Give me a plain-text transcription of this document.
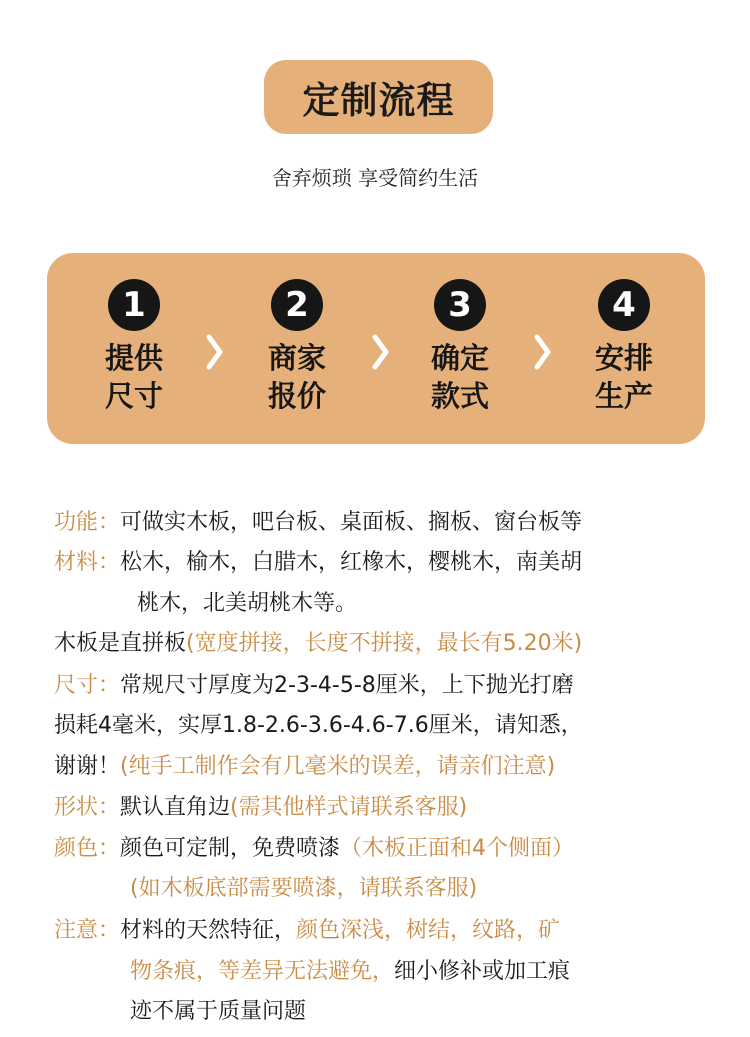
定制流程
舍弃烦琐 享受简约生活
1
提供
尺寸
2
商家
报价
3
确定
款式
4
安排
生产
功能：可做实木板，吧台板、桌面板、搁板、窗台板等
材料：松木，榆木，白腊木，红橡木，樱桃木，南美胡
桃木，北美胡桃木等。
木板是直拼板(宽度拼接，长度不拼接，最长有5.20米)
尺寸：常规尺寸厚度为2-3-4-5-8厘米，上下抛光打磨
损耗4毫米，实厚1.8-2.6-3.6-4.6-7.6厘米，请知悉，
谢谢！(纯手工制作会有几毫米的误差，请亲们注意)
形状：默认直角边(需其他样式请联系客服)
颜色：颜色可定制，免费喷漆（木板正面和4个侧面）
(如木板底部需要喷漆，请联系客服)
注意：材料的天然特征，颜色深浅，树结，纹路，矿
物条痕，等差异无法避免，细小修补或加工痕
迹不属于质量问题
